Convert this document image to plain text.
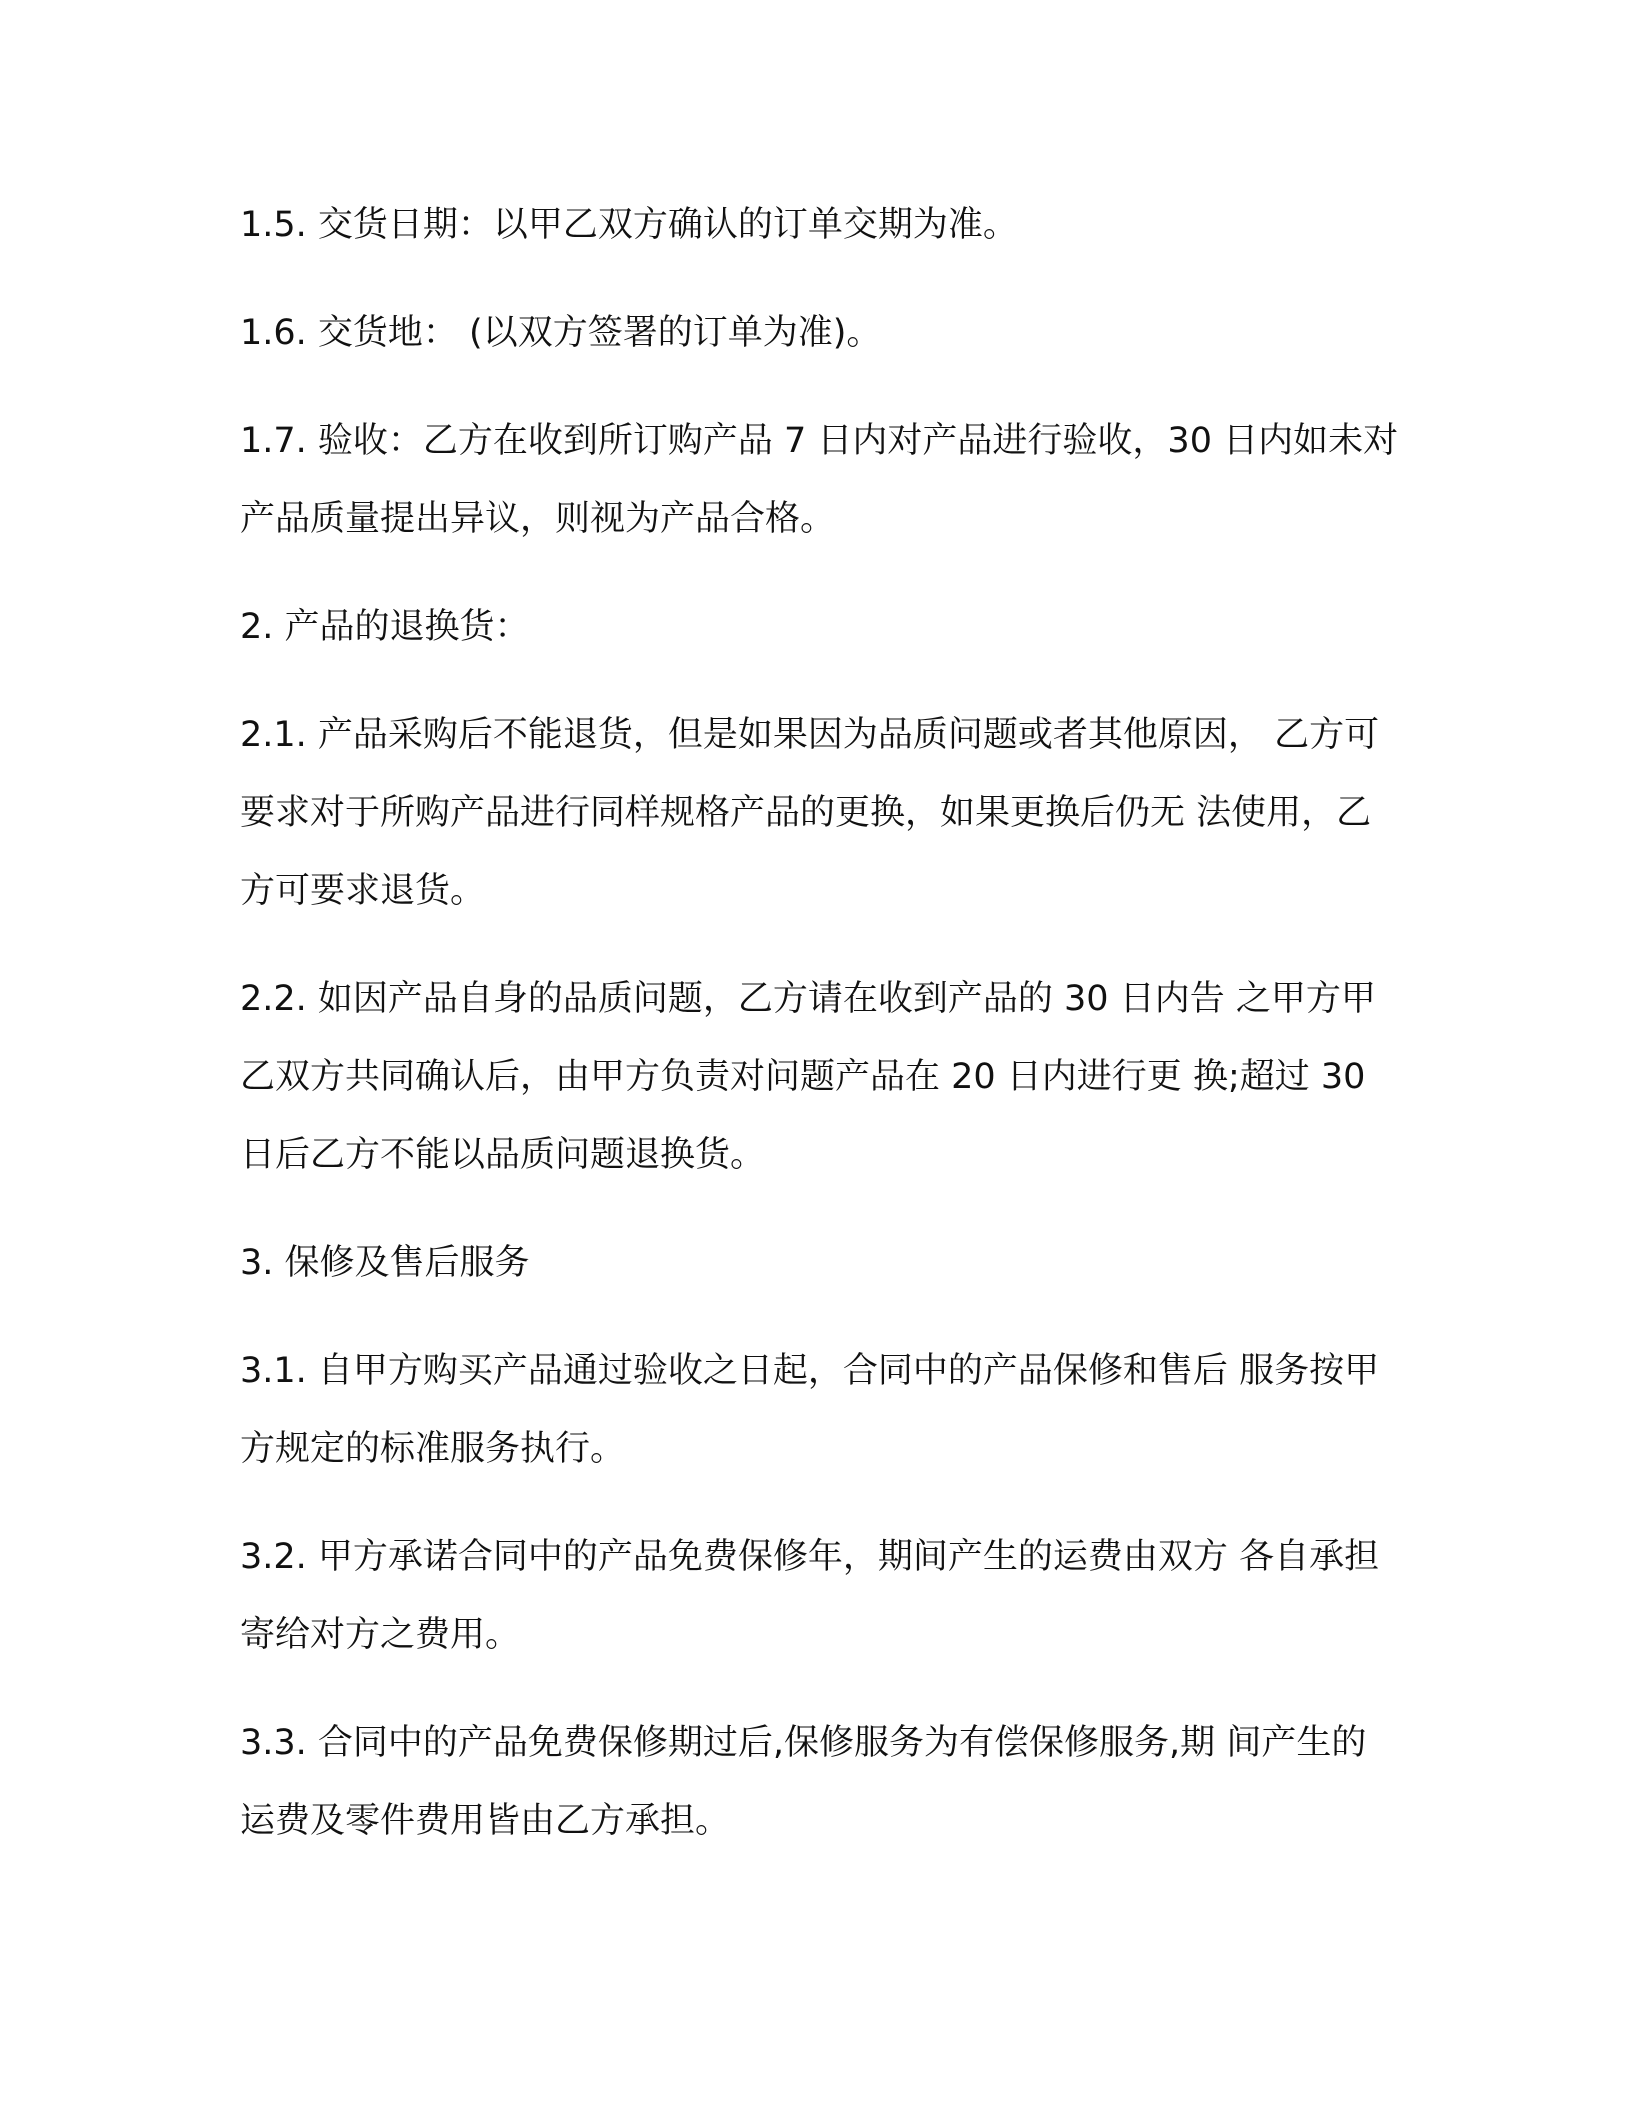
1.5. 交货日期：以甲乙双方确认的订单交期为准。
1.6. 交货地： (以双方签署的订单为准)。
1.7. 验收：乙方在收到所订购产品 7 日内对产品进行验收，30 日内如未对产品质量提出异议，则视为产品合格。
2. 产品的退换货：
2.1. 产品采购后不能退货，但是如果因为品质问题或者其他原因， 乙方可要求对于所购产品进行同样规格产品的更换，如果更换后仍无 法使用，乙方可要求退货。
2.2. 如因产品自身的品质问题，乙方请在收到产品的 30 日内告 之甲方甲乙双方共同确认后，由甲方负责对问题产品在 20 日内进行更 换;超过 30 日后乙方不能以品质问题退换货。
3. 保修及售后服务
3.1. 自甲方购买产品通过验收之日起，合同中的产品保修和售后 服务按甲方规定的标准服务执行。
3.2. 甲方承诺合同中的产品免费保修年，期间产生的运费由双方 各自承担寄给对方之费用。
3.3. 合同中的产品免费保修期过后,保修服务为有偿保修服务,期 间产生的运费及零件费用皆由乙方承担。
